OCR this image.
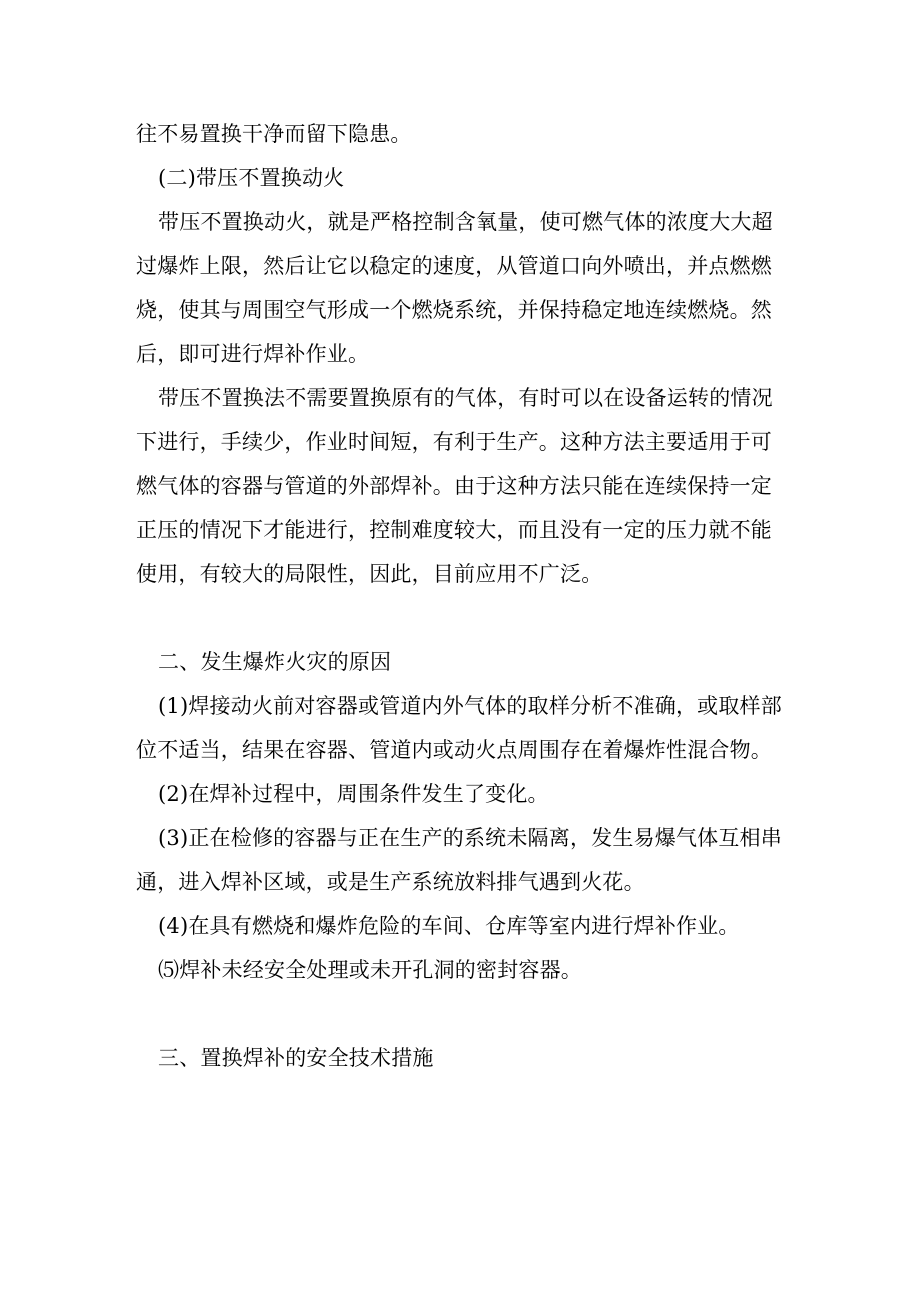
往不易置换干净而留下隐患。

(二)带压不置换动火

带压不置换动火，就是严格控制含氧量，使可燃气体的浓度大大超过爆炸上限，然后让它以稳定的速度，从管道口向外喷出，并点燃燃烧，使其与周围空气形成一个燃烧系统，并保持稳定地连续燃烧。然后，即可进行焊补作业。

带压不置换法不需要置换原有的气体，有时可以在设备运转的情况下进行，手续少，作业时间短，有利于生产。这种方法主要适用于可燃气体的容器与管道的外部焊补。由于这种方法只能在连续保持一定正压的情况下才能进行，控制难度较大，而且没有一定的压力就不能使用，有较大的局限性，因此，目前应用不广泛。

二、发生爆炸火灾的原因

(1)焊接动火前对容器或管道内外气体的取样分析不准确，或取样部位不适当，结果在容器、管道内或动火点周围存在着爆炸性混合物。

(2)在焊补过程中，周围条件发生了变化。

(3)正在检修的容器与正在生产的系统未隔离，发生易爆气体互相串通，进入焊补区域，或是生产系统放料排气遇到火花。

(4)在具有燃烧和爆炸危险的车间、仓库等室内进行焊补作业。

⑸焊补未经安全处理或未开孔洞的密封容器。

三、置换焊补的安全技术措施
